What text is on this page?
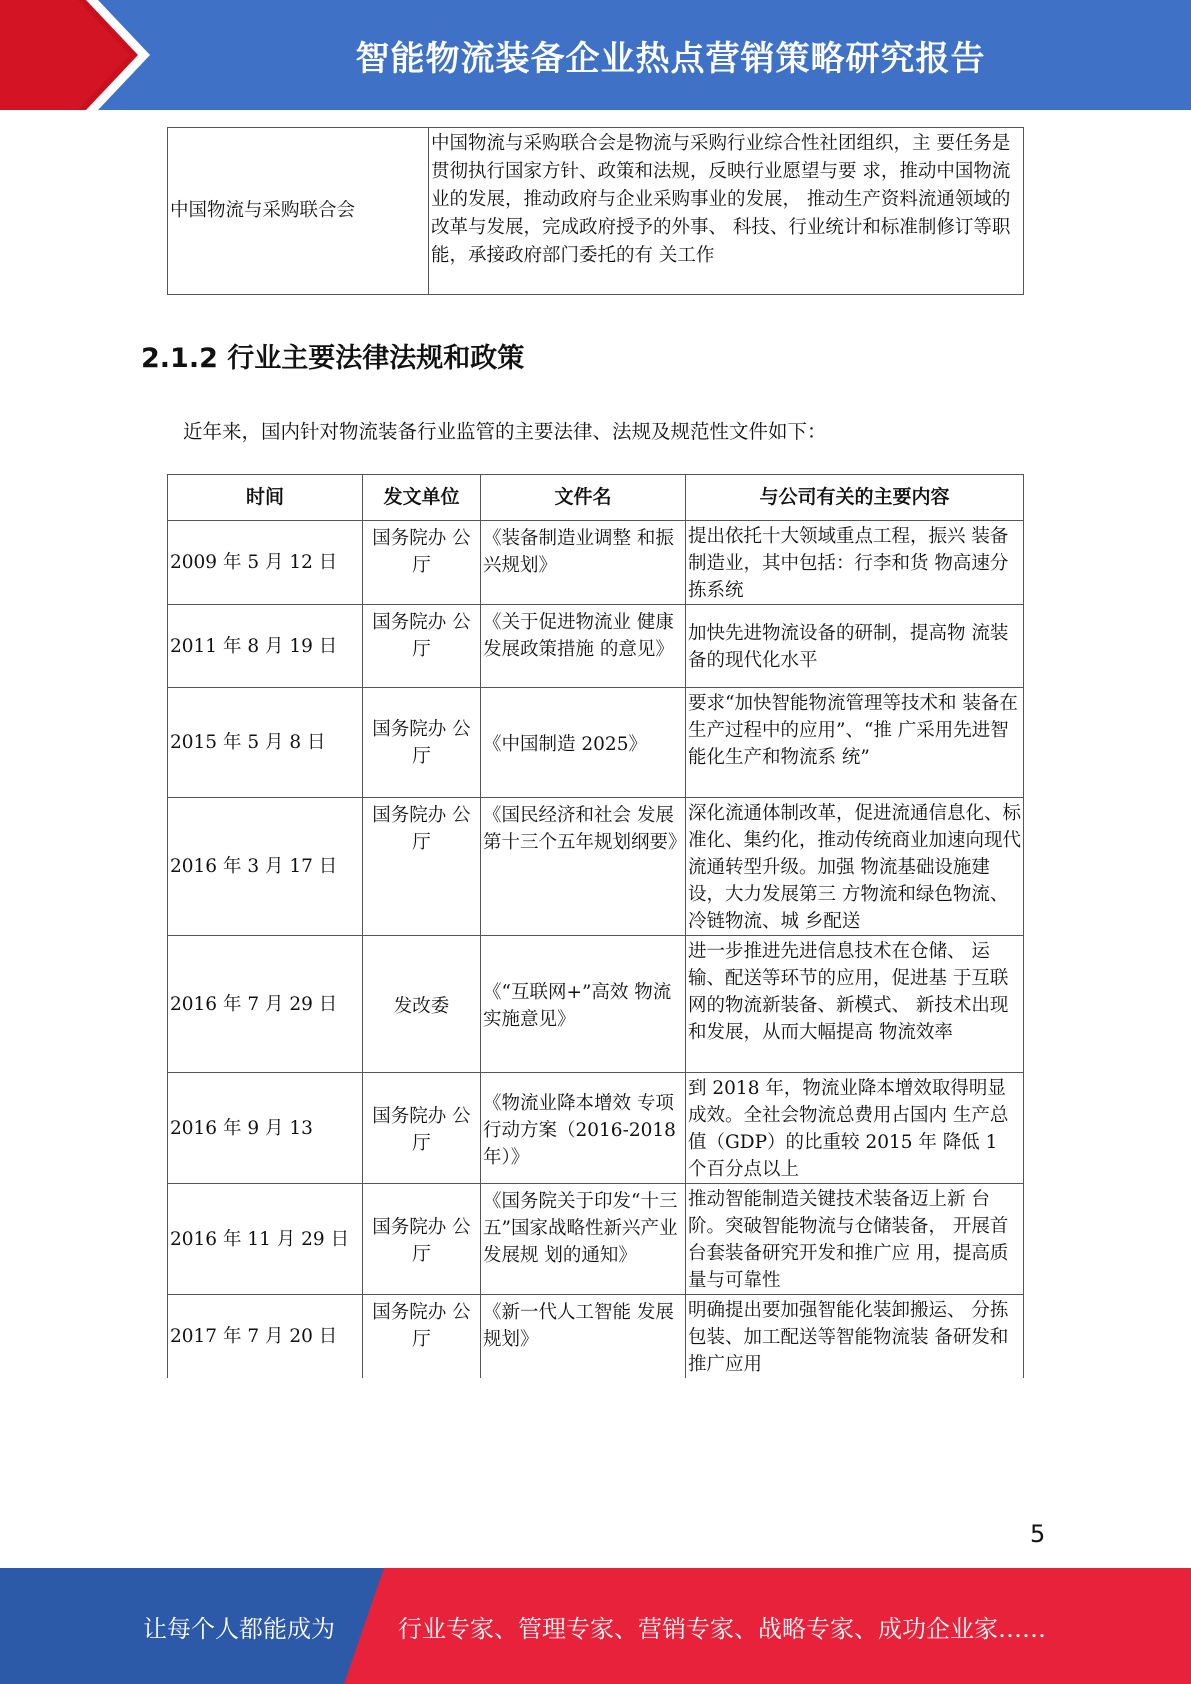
智能物流装备企业热点营销策略研究报告
中国物流与采购联合会	中国物流与采购联合会是物流与采购行业综合性社团组织，主 要任务是贯彻执行国家方针、政策和法规，反映行业愿望与要 求，推动中国物流业的发展，推动政府与企业采购事业的发展， 推动生产资料流通领域的改革与发展，完成政府授予的外事、 科技、行业统计和标准制修订等职能，承接政府部门委托的有 关工作
2.1.2 行业主要法律法规和政策
近年来，国内针对物流装备行业监管的主要法律、法规及规范性文件如下：
时间	发文单位	文件名	与公司有关的主要内容
2009 年 5 月 12 日	国务院办 公厅	《装备制造业调整 和振兴规划》	提出依托十大领域重点工程，振兴 装备制造业，其中包括：行李和货 物高速分拣系统
2011 年 8 月 19 日	国务院办 公厅	《关于促进物流业 健康发展政策措施 的意见》	加快先进物流设备的研制，提高物 流装备的现代化水平
2015 年 5 月 8 日	国务院办 公厅	《中国制造 2025》	要求“加快智能物流管理等技术和 装备在生产过程中的应用”、“推 广采用先进智能化生产和物流系 统”
2016 年 3 月 17 日	国务院办 公厅	《国民经济和社会 发展第十三个五年规划纲要》	深化流通体制改革，促进流通信息化、标准化、集约化，推动传统商业加速向现代流通转型升级。加强 物流基础设施建设，大力发展第三 方物流和绿色物流、冷链物流、城 乡配送
2016 年 7 月 29 日	发改委	《“互联网+”高效 物流实施意见》	进一步推进先进信息技术在仓储、 运输、配送等环节的应用，促进基 于互联网的物流新装备、新模式、 新技术出现和发展，从而大幅提高 物流效率
2016 年 9 月 13	国务院办 公厅	《物流业降本增效 专项行动方案（2016-2018 年）》	到 2018 年，物流业降本增效取得明显成效。全社会物流总费用占国内 生产总值（GDP）的比重较 2015 年 降低 1 个百分点以上
2016 年 11 月 29 日	国务院办 公厅	《国务院关于印发“十三五”国家战略性新兴产业发展规 划的通知》	推动智能制造关键技术装备迈上新 台阶。突破智能物流与仓储装备， 开展首台套装备研究开发和推广应 用，提高质量与可靠性
2017 年 7 月 20 日	国务院办 公厅	《新一代人工智能 发展规划》	明确提出要加强智能化装卸搬运、 分拣包装、加工配送等智能物流装 备研发和推广应用
5
让每个人都能成为	行业专家、管理专家、营销专家、战略专家、成功企业家……
